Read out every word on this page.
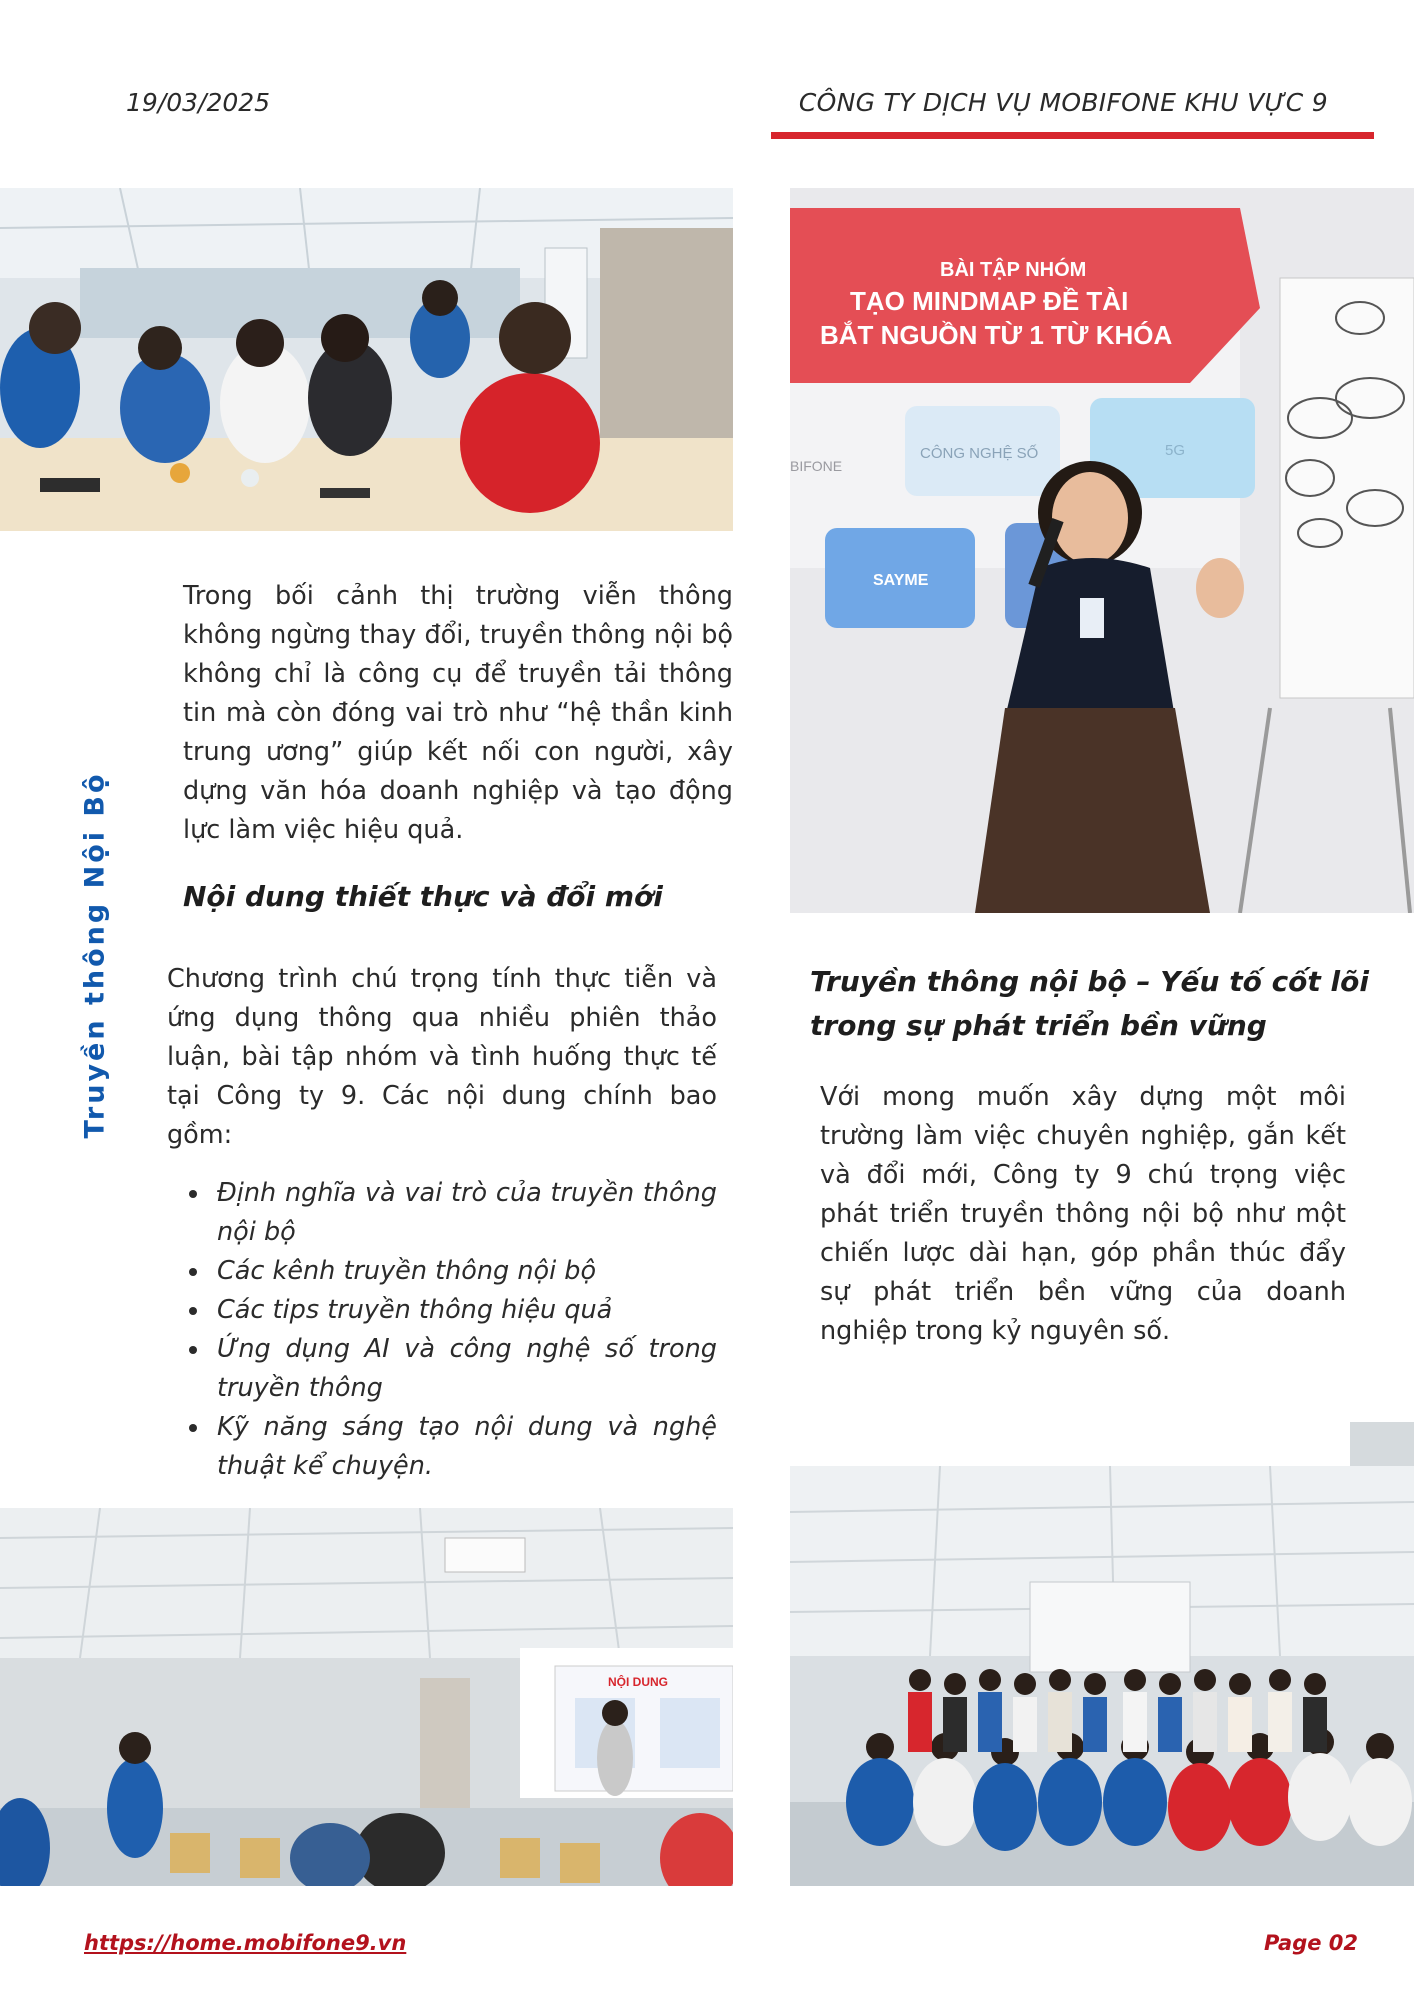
19/03/2025	CÔNG TY DỊCH VỤ MOBIFONE KHU VỰC 9
BÀI TẬP NHÓM
TẠO MINDMAP ĐỀ TÀI
BẮT NGUỒN TỪ 1 TỪ KHÓA
BIFONE
CÔNG NGHỆ SỐ	5G
SAYME
Truyền thông Nội Bộ

Trong bối cảnh thị trường viễn thông không ngừng thay đổi, truyền thông nội bộ không chỉ là công cụ để truyền tải thông tin mà còn đóng vai trò như “hệ thần kinh trung ương” giúp kết nối con người, xây dựng văn hóa doanh nghiệp và tạo động lực làm việc hiệu quả.

Nội dung thiết thực và đổi mới

Chương trình chú trọng tính thực tiễn và ứng dụng thông qua nhiều phiên thảo luận, bài tập nhóm và tình huống thực tế tại Công ty 9. Các nội dung chính bao gồm:

Định nghĩa và vai trò của truyền thông nội bộ
Các kênh truyền thông nội bộ
Các tips truyền thông hiệu quả
Ứng dụng AI và công nghệ số trong truyền thông
Kỹ năng sáng tạo nội dung và nghệ thuật kể chuyện.
Truyền thông nội bộ – Yếu tố cốt lõi trong sự phát triển bền vững

Với mong muốn xây dựng một môi trường làm việc chuyên nghiệp, gắn kết và đổi mới, Công ty 9 chú trọng việc phát triển truyền thông nội bộ như một chiến lược dài hạn, góp phần thúc đẩy sự phát triển bền vững của doanh nghiệp trong kỷ nguyên số.

NỘI DUNG
https://home.mobifone9.vn	Page 02
